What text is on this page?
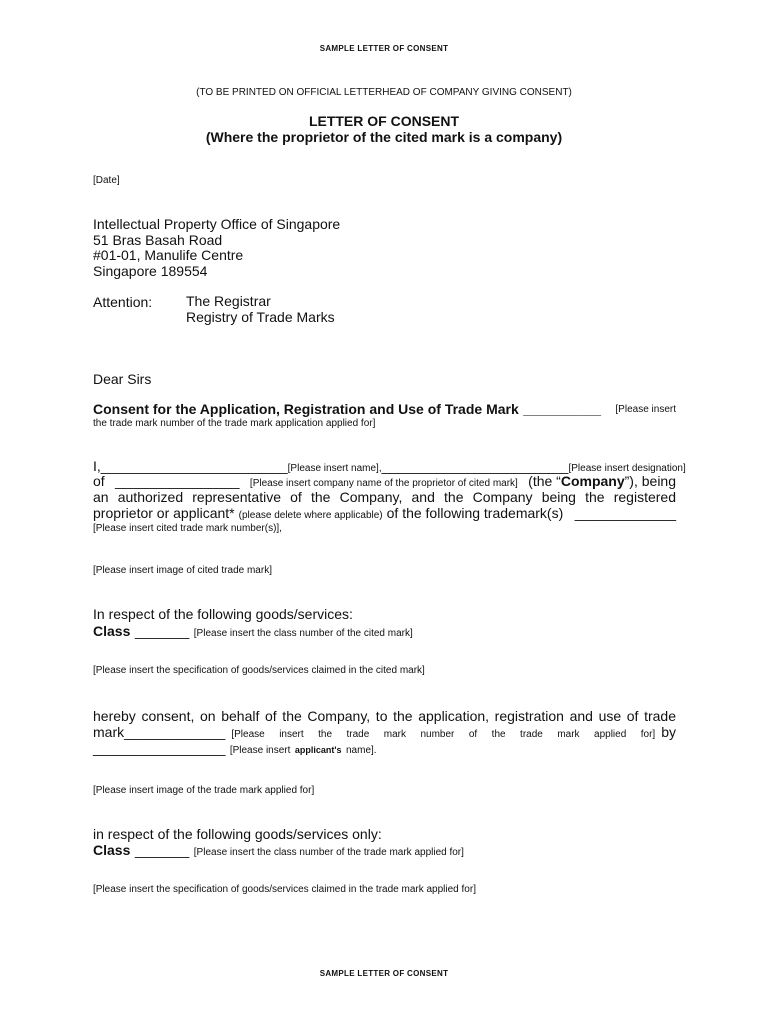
SAMPLE LETTER OF CONSENT
(TO BE PRINTED ON OFFICIAL LETTERHEAD OF COMPANY GIVING CONSENT)
LETTER OF CONSENT
(Where the proprietor of the cited mark is a company)
[Date]
Intellectual Property Office of Singapore
51 Bras Basah Road
#01-01, Manulife Centre
Singapore 189554
Attention: The Registrar
Registry of Trade Marks
Dear Sirs
Consent for the Application, Registration and Use of Trade Mark __________ [Please insert
the trade mark number of the trade mark application applied for]
I, ________________________ [Please insert name], ________________________ [Please insert designation]
of ________________ [Please insert company name of the proprietor of cited mark] (the “Company”), being
an authorized representative of the Company, and the Company being the registered
proprietor or applicant* (please delete where applicable) of the following trademark(s) _____________
[Please insert cited trade mark number(s)],
[Please insert image of cited trade mark]
In respect of the following goods/services:
Class _______ [Please insert the class number of the cited mark]
[Please insert the specification of goods/services claimed in the cited mark]
hereby consent, on behalf of the Company, to the application, registration and use of trade
mark _____________ [Please insert the trade mark number of the trade mark applied for] by
_________________ [Please insert applicant's name].
[Please insert image of the trade mark applied for]
in respect of the following goods/services only:
Class _______ [Please insert the class number of the trade mark applied for]
[Please insert the specification of goods/services claimed in the trade mark applied for]
SAMPLE LETTER OF CONSENT
